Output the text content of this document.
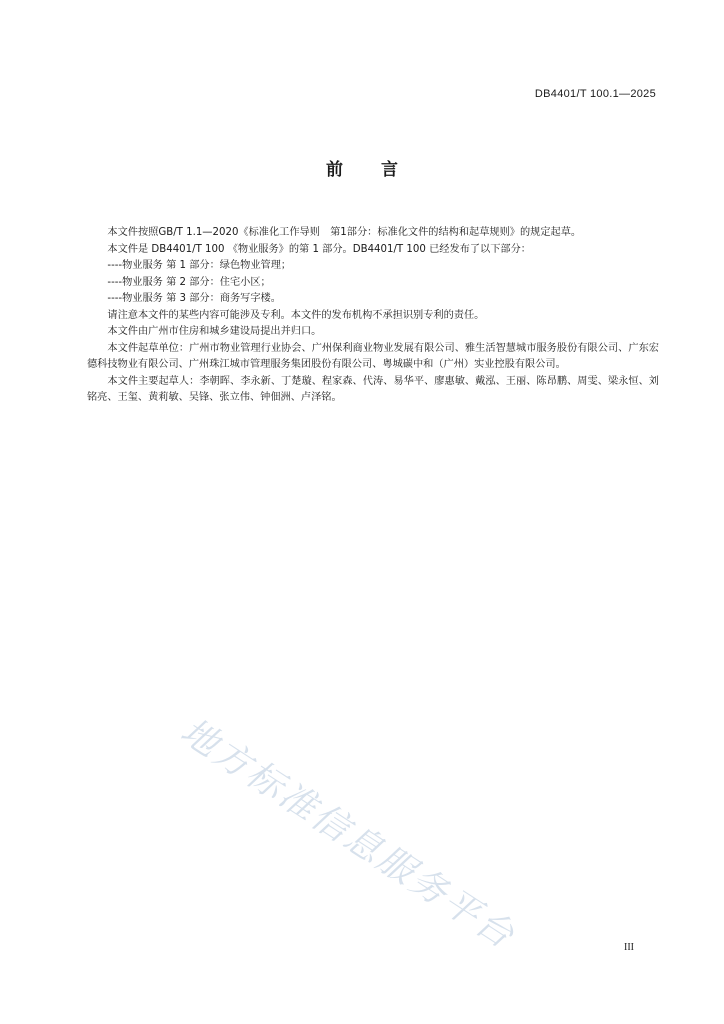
DB4401/T 100.1—2025
前言

本文件按照GB/T 1.1—2020《标准化工作导则　第1部分：标准化文件的结构和起草规则》的规定起草。

本文件是 DB4401/T 100 《物业服务》的第 1 部分。DB4401/T 100 已经发布了以下部分：

----物业服务 第 1 部分：绿色物业管理；
----物业服务 第 2 部分：住宅小区；
----物业服务 第 3 部分：商务写字楼。

请注意本文件的某些内容可能涉及专利。本文件的发布机构不承担识别专利的责任。

本文件由广州市住房和城乡建设局提出并归口。

本文件起草单位：广州市物业管理行业协会、广州保利商业物业发展有限公司、雅生活智慧城市服务股份有限公司、广东宏德科技物业有限公司、广州珠江城市管理服务集团股份有限公司、粤城碳中和（广州）实业控股有限公司。

本文件主要起草人：李朝晖、李永新、丁楚璇、程家森、代涛、易华平、廖惠敏、戴泓、王丽、陈昂鹏、周雯、梁永恒、刘铭亮、王玺、黄莉敏、吴锋、张立伟、钟佃洲、卢泽铭。

地方标准信息服务平台	III
